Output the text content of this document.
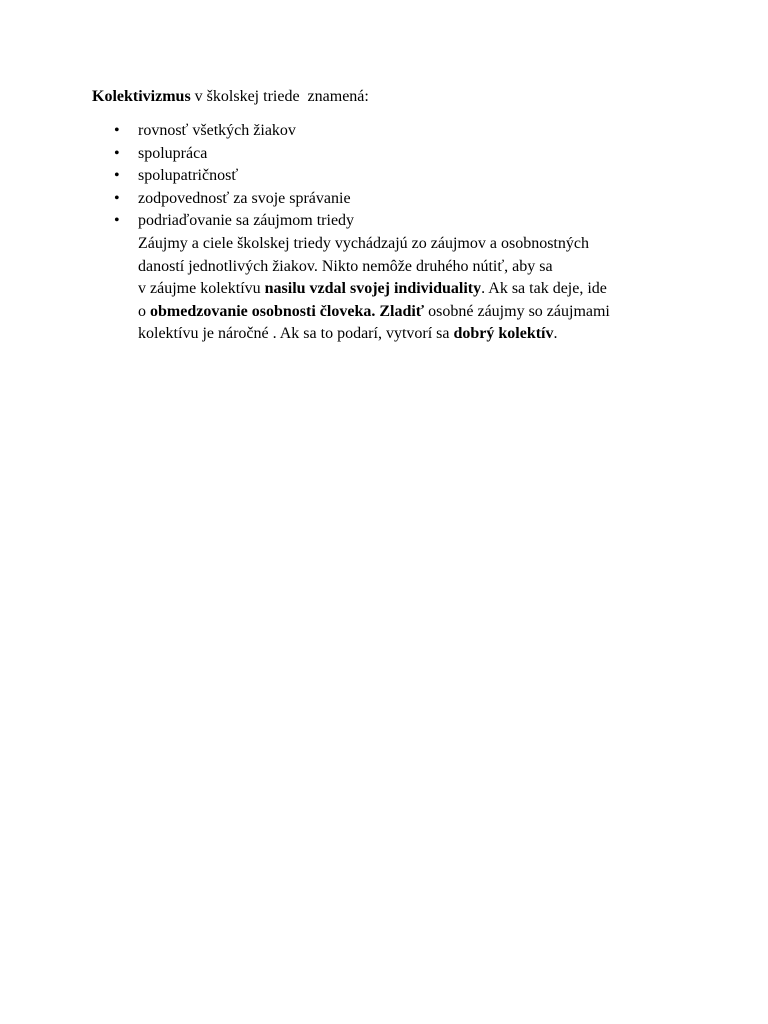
Kolektivizmus v školskej triede  znamená:

•

rovnosť všetkých žiakov

•

spolupráca

•

spolupatričnosť

•

zodpovednosť za svoje správanie

•

podriaďovanie sa záujmom triedy

Záujmy a ciele školskej triedy vychádzajú zo záujmov a osobnostných
daností jednotlivých žiakov. Nikto nemôže druhého nútiť, aby sa
v záujme kolektívu nasilu vzdal svojej individuality. Ak sa tak deje, ide
o obmedzovanie osobnosti človeka. Zladiť osobné záujmy so záujmami
kolektívu je náročné . Ak sa to podarí, vytvorí sa dobrý kolektív.
